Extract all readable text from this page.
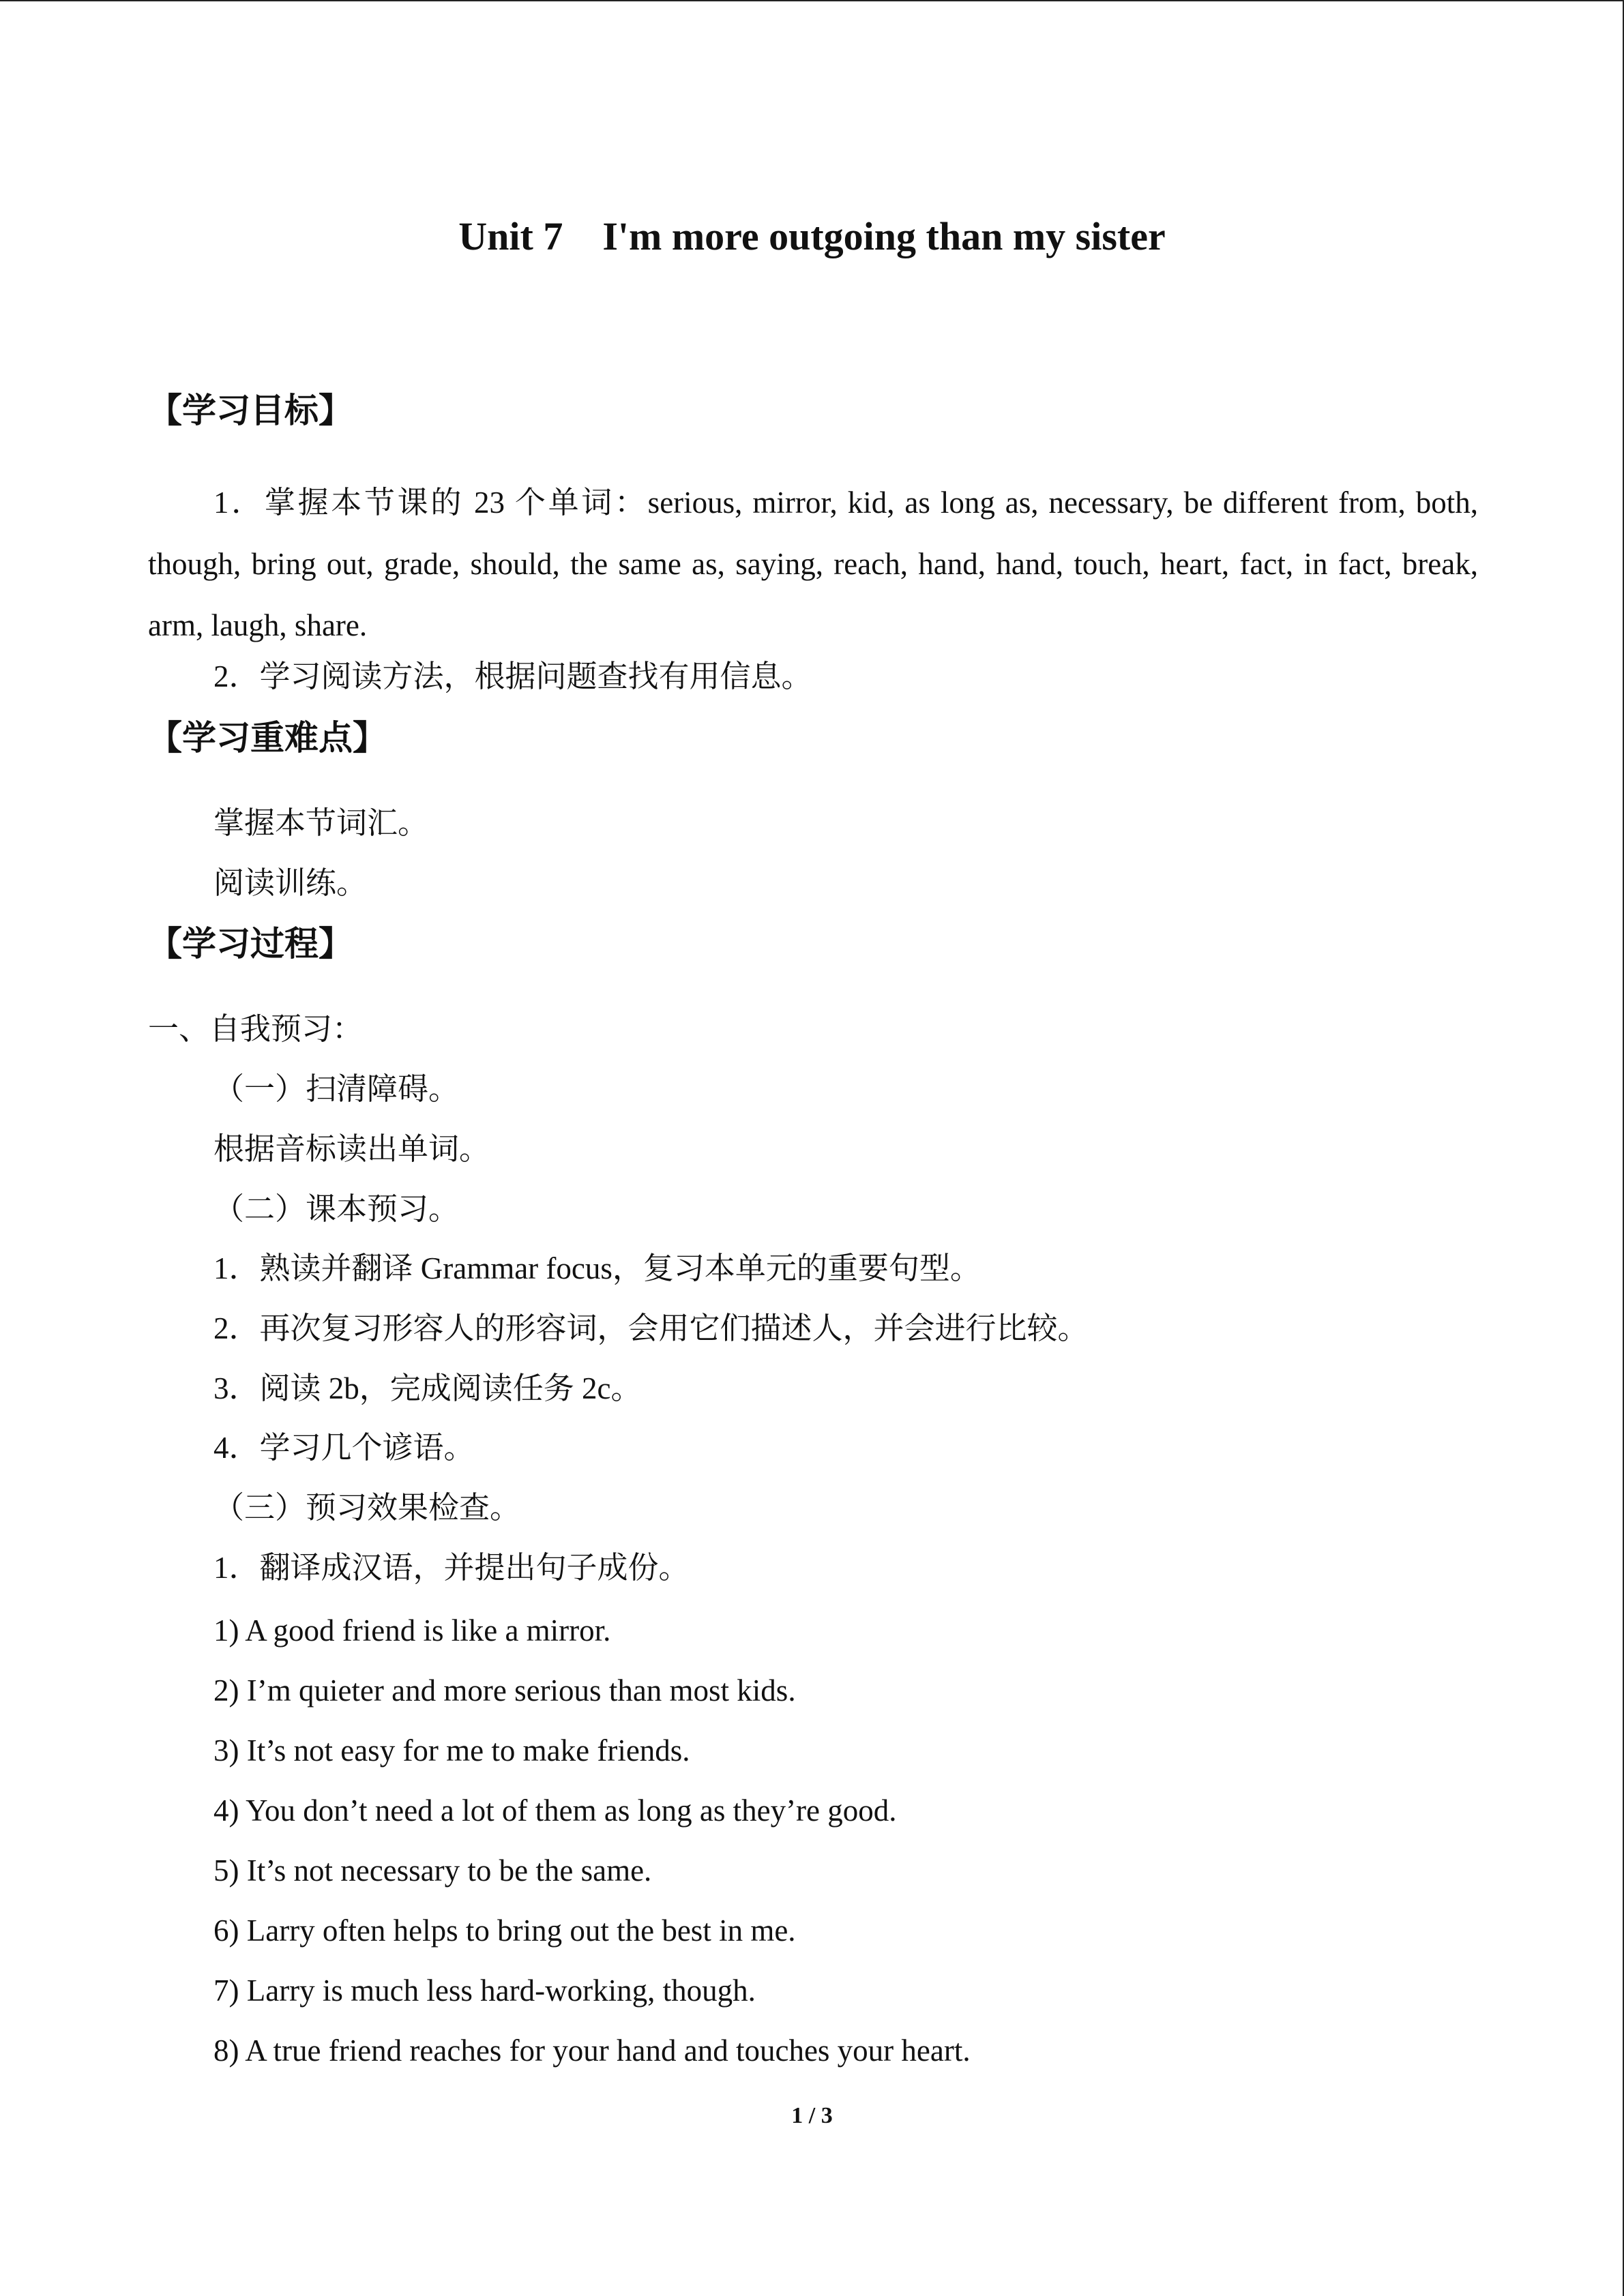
Unit 7    I'm more outgoing than my sister
【学习目标】
1．掌握本节课的 23 个单词：serious, mirror, kid, as long as, necessary, be different from, both, though, bring out, grade, should, the same as, saying, reach, hand, hand, touch, heart, fact, in fact, break, arm, laugh, share.
2．学习阅读方法，根据问题查找有用信息。
【学习重难点】
掌握本节词汇。
阅读训练。
【学习过程】
一、自我预习：
（一）扫清障碍。
根据音标读出单词。
（二）课本预习。
1．熟读并翻译 Grammar focus，复习本单元的重要句型。
2．再次复习形容人的形容词，会用它们描述人，并会进行比较。
3．阅读 2b，完成阅读任务 2c。
4．学习几个谚语。
（三）预习效果检查。
1．翻译成汉语，并提出句子成份。
1) A good friend is like a mirror.
2) I’m quieter and more serious than most kids.
3) It’s not easy for me to make friends.
4) You don’t need a lot of them as long as they’re good.
5) It’s not necessary to be the same.
6) Larry often helps to bring out the best in me.
7) Larry is much less hard-working, though.
8) A true friend reaches for your hand and touches your heart.
1 / 3
